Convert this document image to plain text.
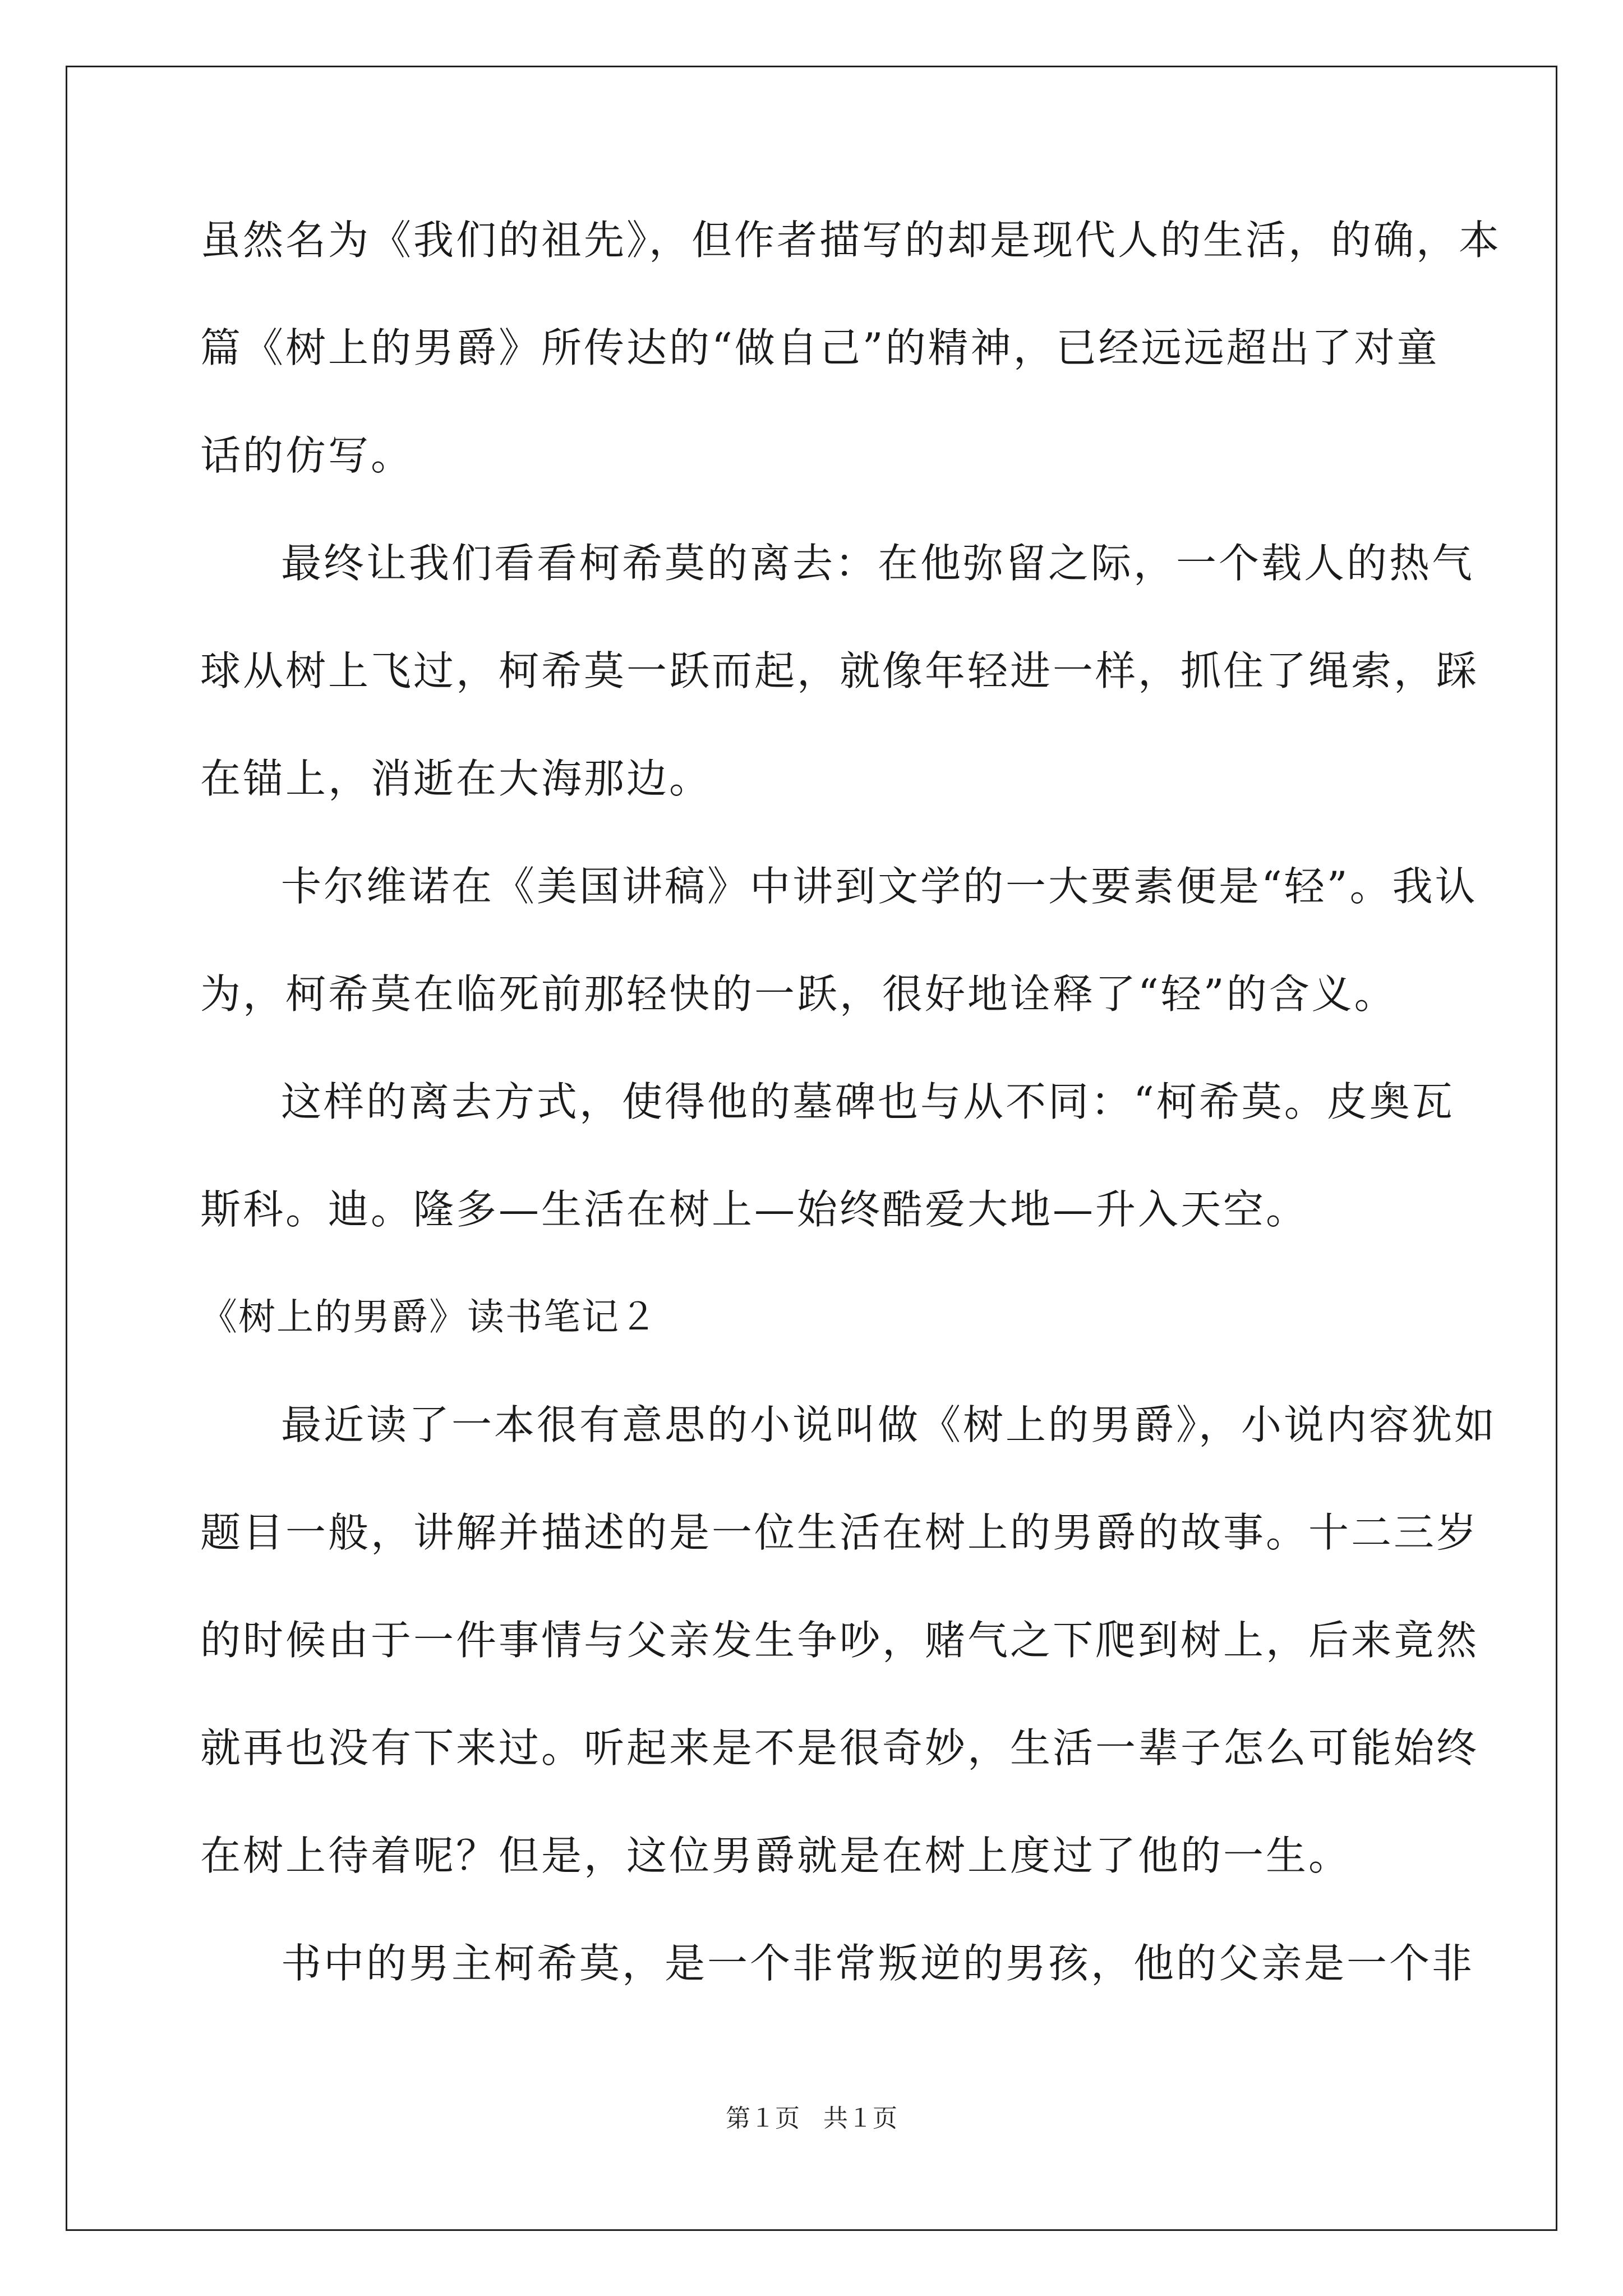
虽然名为《我们的祖先》，但作者描写的却是现代人的生活，的确，本
篇《树上的男爵》所传达的“做自己”的精神，已经远远超出了对童
话的仿写。
最终让我们看看柯希莫的离去：在他弥留之际，一个载人的热气
球从树上飞过，柯希莫一跃而起，就像年轻进一样，抓住了绳索，踩
在锚上，消逝在大海那边。
卡尔维诺在《美国讲稿》中讲到文学的一大要素便是“轻”。我认
为，柯希莫在临死前那轻快的一跃，很好地诠释了“轻”的含义。
这样的离去方式，使得他的墓碑也与从不同：“柯希莫。皮奥瓦
斯科。迪。隆多—生活在树上—始终酷爱大地—升入天空。
《树上的男爵》读书笔记２
最近读了一本很有意思的小说叫做《树上的男爵》，小说内容犹如
题目一般，讲解并描述的是一位生活在树上的男爵的故事。十二三岁
的时候由于一件事情与父亲发生争吵，赌气之下爬到树上，后来竟然
就再也没有下来过。听起来是不是很奇妙，生活一辈子怎么可能始终
在树上待着呢？但是，这位男爵就是在树上度过了他的一生。
书中的男主柯希莫，是一个非常叛逆的男孩，他的父亲是一个非
第１页 共１页
